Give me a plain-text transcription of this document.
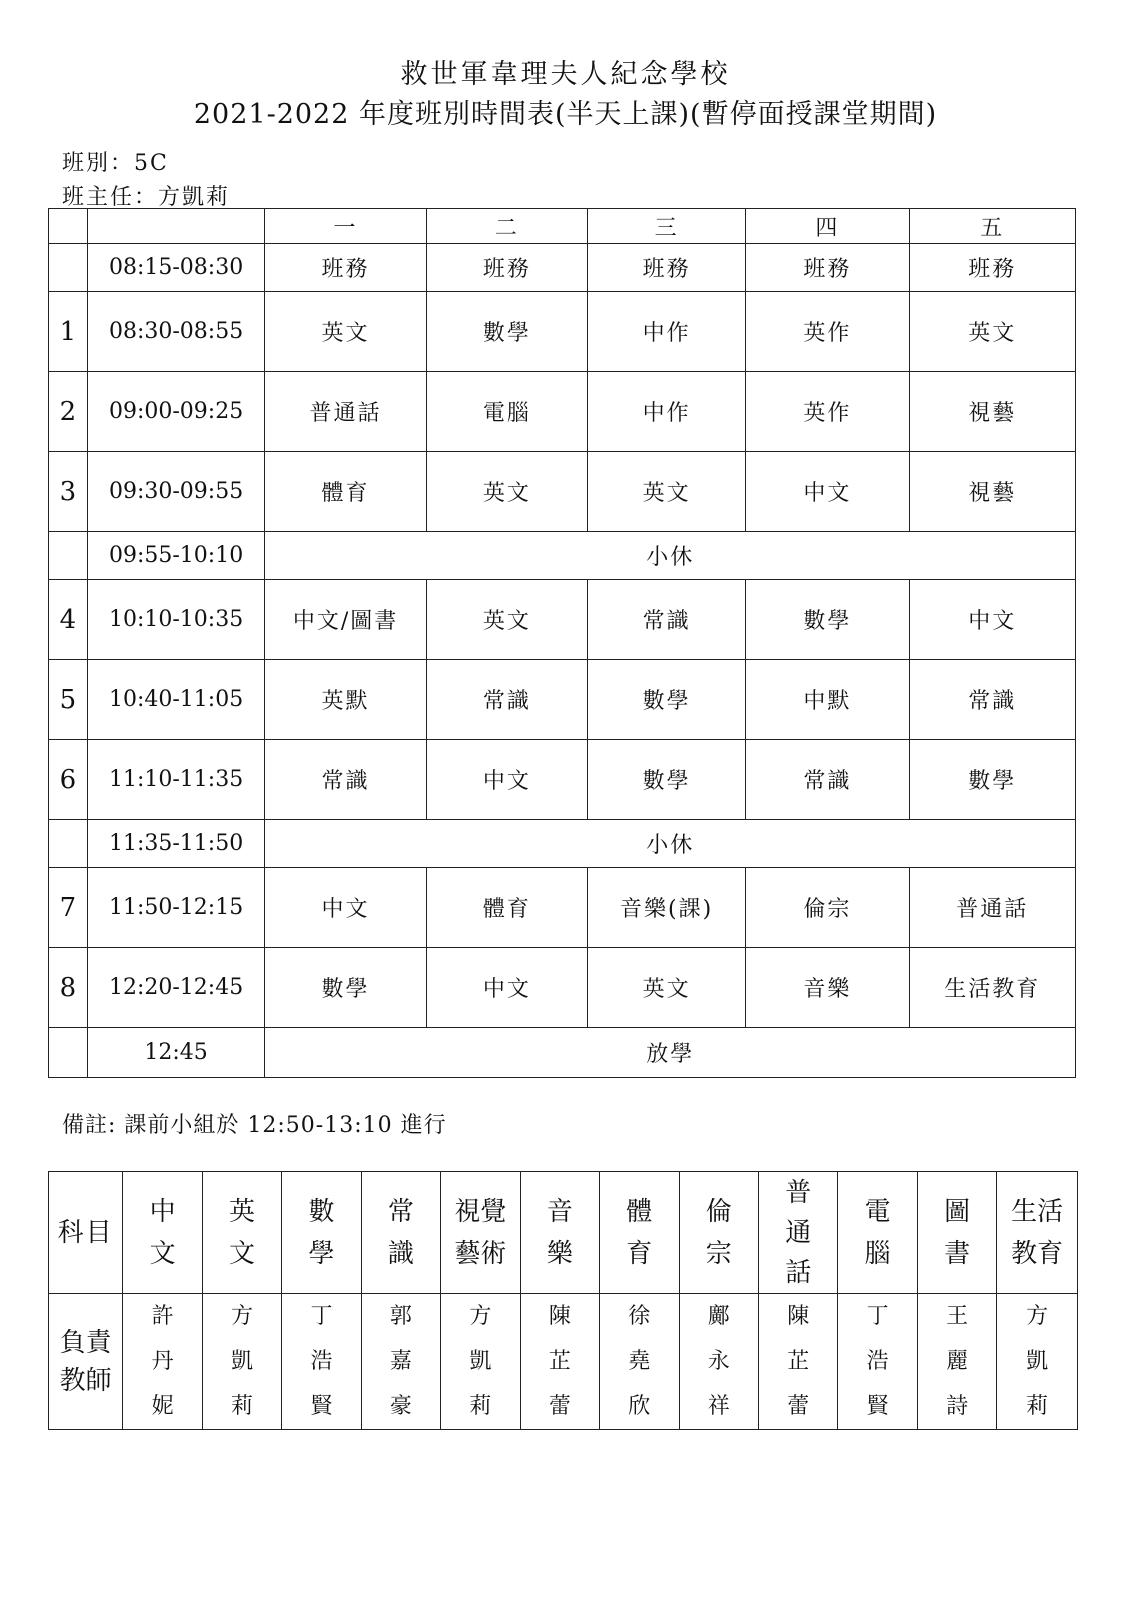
救世軍韋理夫人紀念學校
2021-2022 年度班別時間表(半天上課)(暫停面授課堂期間)
班別：5C
班主任：方凱莉
		一	二	三	四	五
	08:15-08:30	班務	班務	班務	班務	班務
1	08:30-08:55	英文	數學	中作	英作	英文
2	09:00-09:25	普通話	電腦	中作	英作	視藝
3	09:30-09:55	體育	英文	英文	中文	視藝
	09:55-10:10	小休				
4	10:10-10:35	中文/圖書	英文	常識	數學	中文
5	10:40-11:05	英默	常識	數學	中默	常識
6	11:10-11:35	常識	中文	數學	常識	數學
	11:35-11:50	小休				
7	11:50-12:15	中文	體育	音樂(課)	倫宗	普通話
8	12:20-12:45	數學	中文	英文	音樂	生活教育
	12:45	放學				
備註: 課前小組於 12:50-13:10 進行
科目	中文	英文	數學	常識	視覺藝術	音樂	體育	倫宗	普通話	電腦	圖書	生活教育

負責教師	許丹妮	方凱莉	丁浩賢	郭嘉豪	方凱莉	陳芷蕾	徐堯欣	鄺永祥	陳芷蕾	丁浩賢	王麗詩	方凱莉
